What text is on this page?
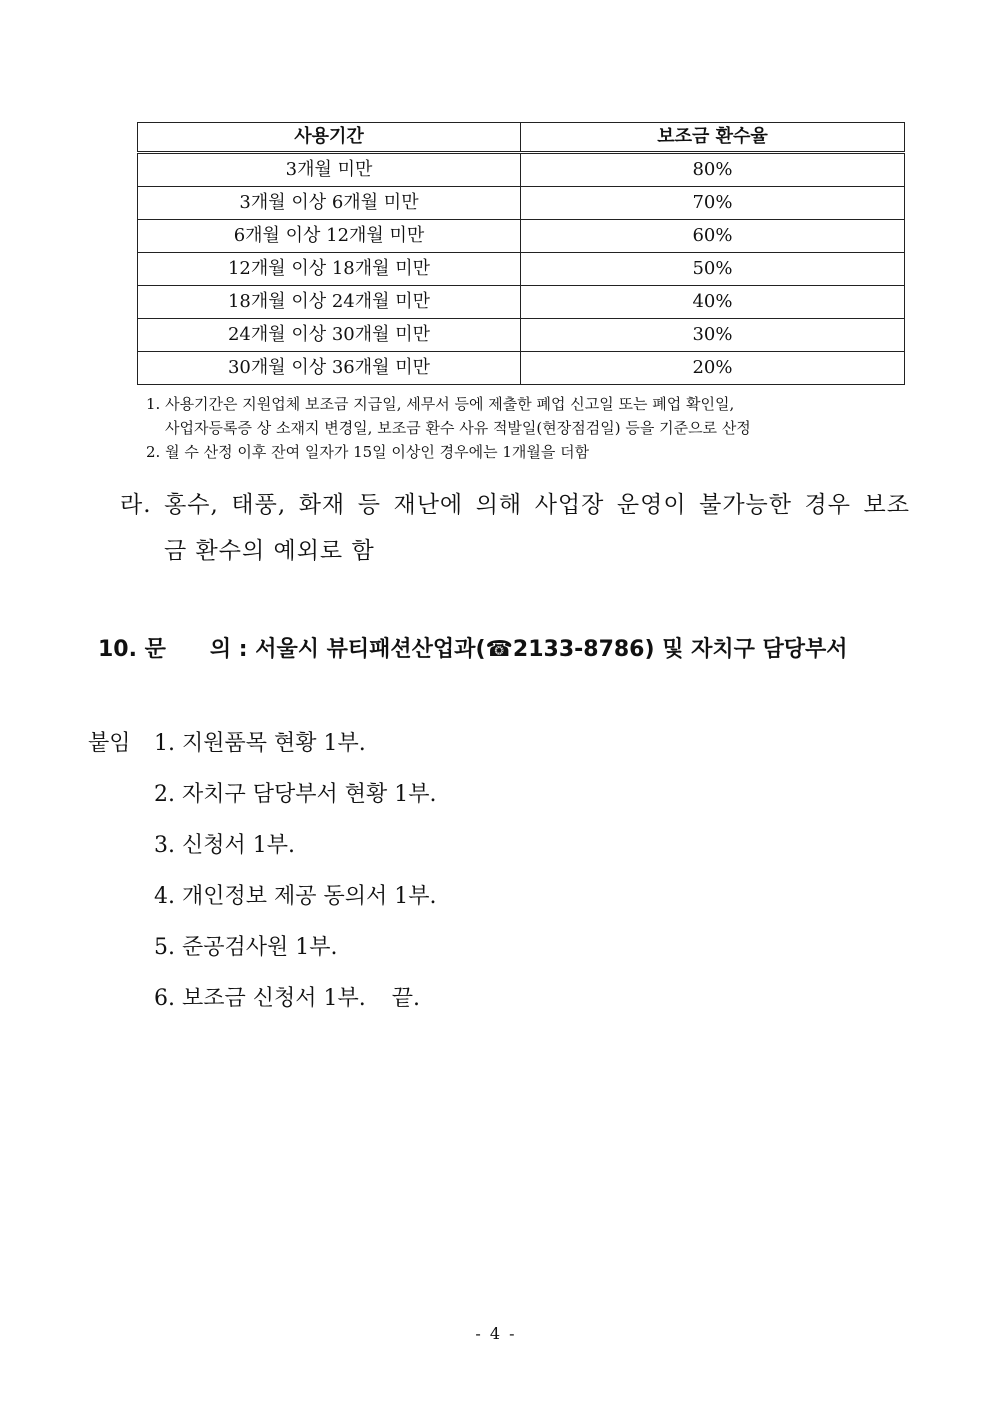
사용기간	보조금 환수율
3개월 미만	80%
3개월 이상 6개월 미만	70%
6개월 이상 12개월 미만	60%
12개월 이상 18개월 미만	50%
18개월 이상 24개월 미만	40%
24개월 이상 30개월 미만	30%
30개월 이상 36개월 미만	20%
1. 사용기간은 지원업체 보조금 지급일, 세무서 등에 제출한 폐업 신고일 또는 폐업 확인일,
사업자등록증 상 소재지 변경일, 보조금 환수 사유 적발일(현장점검일) 등을 기준으로 산정
2. 월 수 산정 이후 잔여 일자가 15일 이상인 경우에는 1개월을 더함
라. 홍수, 태풍, 화재 등 재난에 의해 사업장 운영이 불가능한 경우 보조
금 환수의 예외로 함
10. 문 의 : 서울시 뷰티패션산업과(☎2133-8786) 및 자치구 담당부서
붙임 1. 지원품목 현황 1부.
2. 자치구 담당부서 현황 1부.
3. 신청서 1부.
4. 개인정보 제공 동의서 1부.
5. 준공검사원 1부.
6. 보조금 신청서 1부. 끝.
- 4 -
